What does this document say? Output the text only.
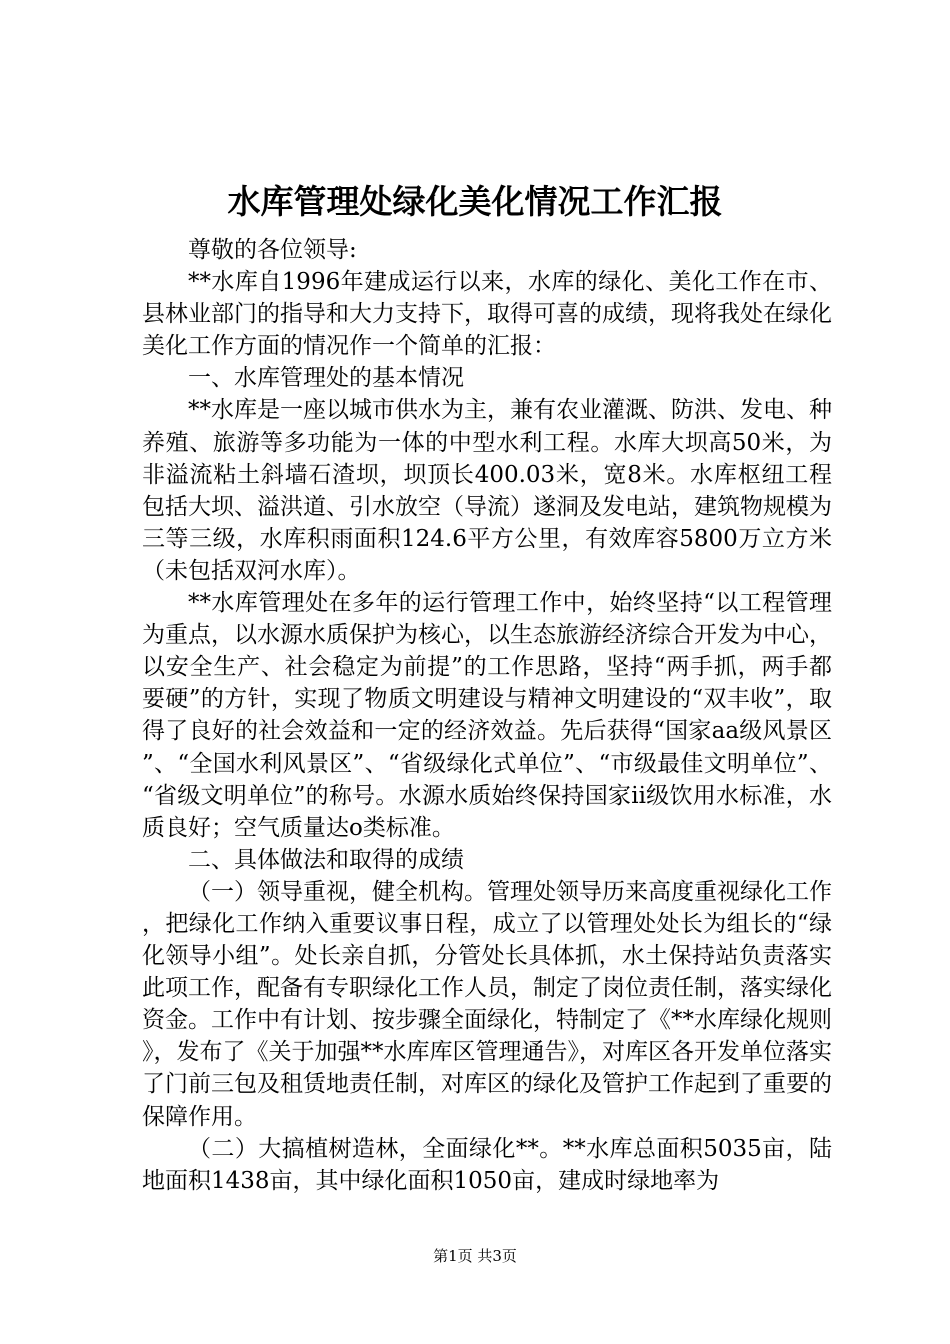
水库管理处绿化美化情况工作汇报

尊敬的各位领导:

**水库自1996年建成运行以来，水库的绿化、美化工作在市、县林业部门的指导和大力支持下，取得可喜的成绩，现将我处在绿化美化工作方面的情况作一个简单的汇报：

一、水库管理处的基本情况

**水库是一座以城市供水为主，兼有农业灌溉、防洪、发电、种养殖、旅游等多功能为一体的中型水利工程。水库大坝高50米，为非溢流粘土斜墙石渣坝，坝顶长400.03米，宽8米。水库枢纽工程包括大坝、溢洪道、引水放空（导流）遂洞及发电站，建筑物规模为三等三级，水库积雨面积124.6平方公里，有效库容5800万立方米（未包括双河水库）。

**水库管理处在多年的运行管理工作中，始终坚持“以工程管理为重点，以水源水质保护为核心，以生态旅游经济综合开发为中心，以安全生产、社会稳定为前提”的工作思路，坚持“两手抓，两手都要硬”的方针，实现了物质文明建设与精神文明建设的“双丰收”，取得了良好的社会效益和一定的经济效益。先后获得“国家aa级风景区”、“全国水利风景区”、“省级绿化式单位”、“市级最佳文明单位”、“省级文明单位”的称号。水源水质始终保持国家ii级饮用水标准，水质良好；空气质量达o类标准。

二、具体做法和取得的成绩

（一）领导重视，健全机构。管理处领导历来高度重视绿化工作，把绿化工作纳入重要议事日程，成立了以管理处处长为组长的“绿化领导小组”。处长亲自抓，分管处长具体抓，水土保持站负责落实此项工作，配备有专职绿化工作人员，制定了岗位责任制，落实绿化资金。工作中有计划、按步骤全面绿化，特制定了《**水库绿化规则》，发布了《关于加强**水库库区管理通告》，对库区各开发单位落实了门前三包及租赁地责任制，对库区的绿化及管护工作起到了重要的保障作用。

（二）大搞植树造林，全面绿化**。**水库总面积5035亩，陆地面积1438亩，其中绿化面积1050亩，建成时绿地率为

第1页 共3页
